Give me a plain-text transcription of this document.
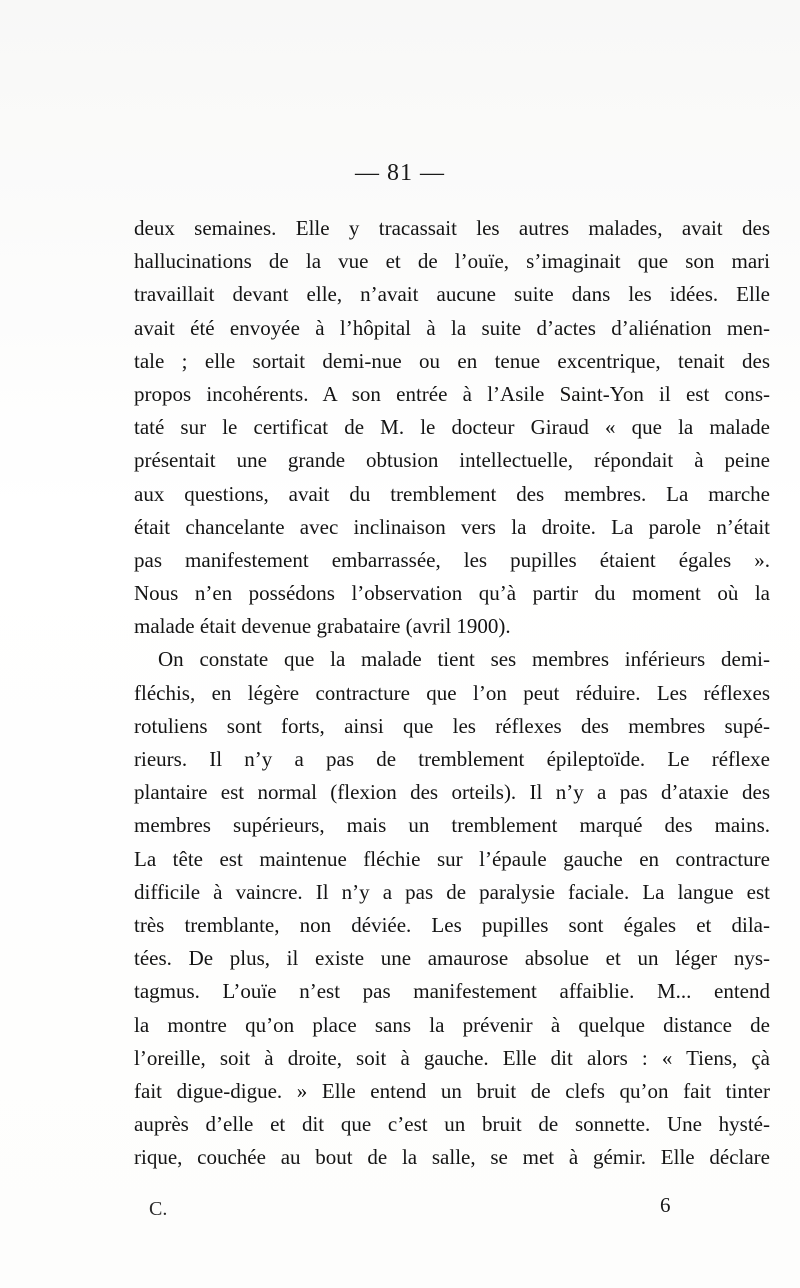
— 81 —
deux semaines. Elle y tracassait les autres malades, avait des
hallucinations de la vue et de l’ouïe, s’imaginait que son mari
travaillait devant elle, n’avait aucune suite dans les idées. Elle
avait été envoyée à l’hôpital à la suite d’actes d’aliénation men-
tale ; elle sortait demi-nue ou en tenue excentrique, tenait des
propos incohérents. A son entrée à l’Asile Saint-Yon il est cons-
taté sur le certificat de M. le docteur Giraud « que la malade
présentait une grande obtusion intellectuelle, répondait à peine
aux questions, avait du tremblement des membres. La marche
était chancelante avec inclinaison vers la droite. La parole n’était
pas manifestement embarrassée, les pupilles étaient égales ».
Nous n’en possédons l’observation qu’à partir du moment où la
malade était devenue grabataire (avril 1900).
On constate que la malade tient ses membres inférieurs demi-
fléchis, en légère contracture que l’on peut réduire. Les réflexes
rotuliens sont forts, ainsi que les réflexes des membres supé-
rieurs. Il n’y a pas de tremblement épileptoïde. Le réflexe
plantaire est normal (flexion des orteils). Il n’y a pas d’ataxie des
membres supérieurs, mais un tremblement marqué des mains.
La tête est maintenue fléchie sur l’épaule gauche en contracture
difficile à vaincre. Il n’y a pas de paralysie faciale. La langue est
très tremblante, non déviée. Les pupilles sont égales et dila-
tées. De plus, il existe une amaurose absolue et un léger nys-
tagmus. L’ouïe n’est pas manifestement affaiblie. M... entend
la montre qu’on place sans la prévenir à quelque distance de
l’oreille, soit à droite, soit à gauche. Elle dit alors : « Tiens, çà
fait digue-digue. » Elle entend un bruit de clefs qu’on fait tinter
auprès d’elle et dit que c’est un bruit de sonnette. Une hysté-
rique, couchée au bout de la salle, se met à gémir. Elle déclare
C.	6
